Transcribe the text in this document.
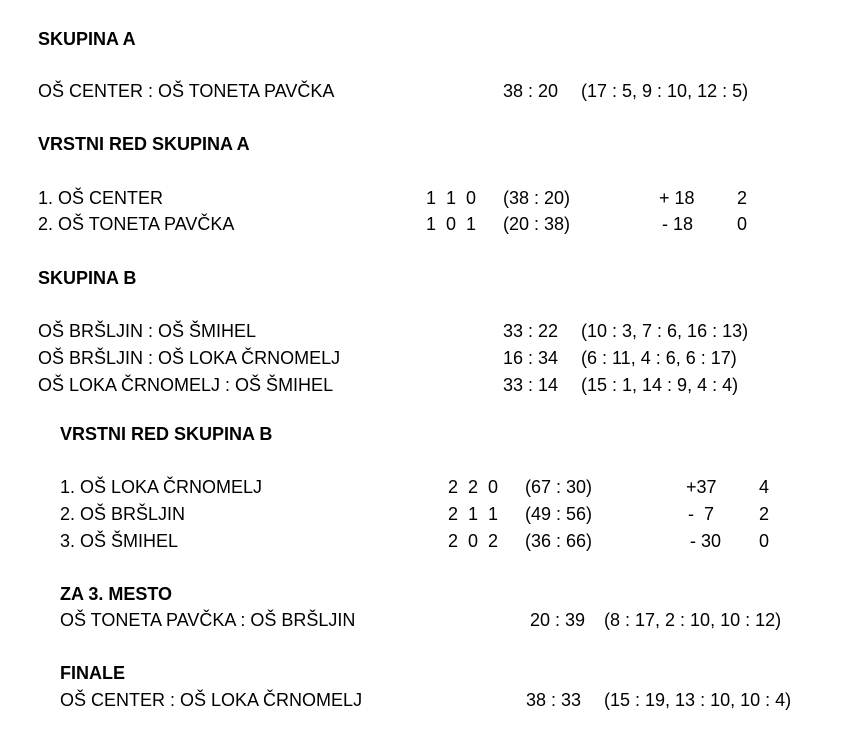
SKUPINA A
OŠ CENTER : OŠ TONETA PAVČKA	38 : 20 (17 : 5, 9 : 10, 12 : 5)
VRSTNI RED SKUPINA A
1. OŠ CENTER	1  1  0 (38 : 20)	+ 18 2
2. OŠ TONETA PAVČKA	1  0  1 (20 : 38)	- 18 0
SKUPINA B
OŠ BRŠLJIN : OŠ ŠMIHEL	33 : 22 (10 : 3, 7 : 6, 16 : 13)
OŠ BRŠLJIN : OŠ LOKA ČRNOMELJ	16 : 34 (6 : 11, 4 : 6, 6 : 17)
OŠ LOKA ČRNOMELJ : OŠ ŠMIHEL	33 : 14 (15 : 1, 14 : 9, 4 : 4)
VRSTNI RED SKUPINA B
1. OŠ LOKA ČRNOMELJ	2  2  0 (67 : 30)	+37 4
2. OŠ BRŠLJIN	2  1  1 (49 : 56)	-  7 2
3. OŠ ŠMIHEL	2  0  2 (36 : 66)	- 30 0
ZA 3. MESTO
OŠ TONETA PAVČKA : OŠ BRŠLJIN	20 : 39 (8 : 17, 2 : 10, 10 : 12)
FINALE
OŠ CENTER : OŠ LOKA ČRNOMELJ	38 : 33 (15 : 19, 13 : 10, 10 : 4)
